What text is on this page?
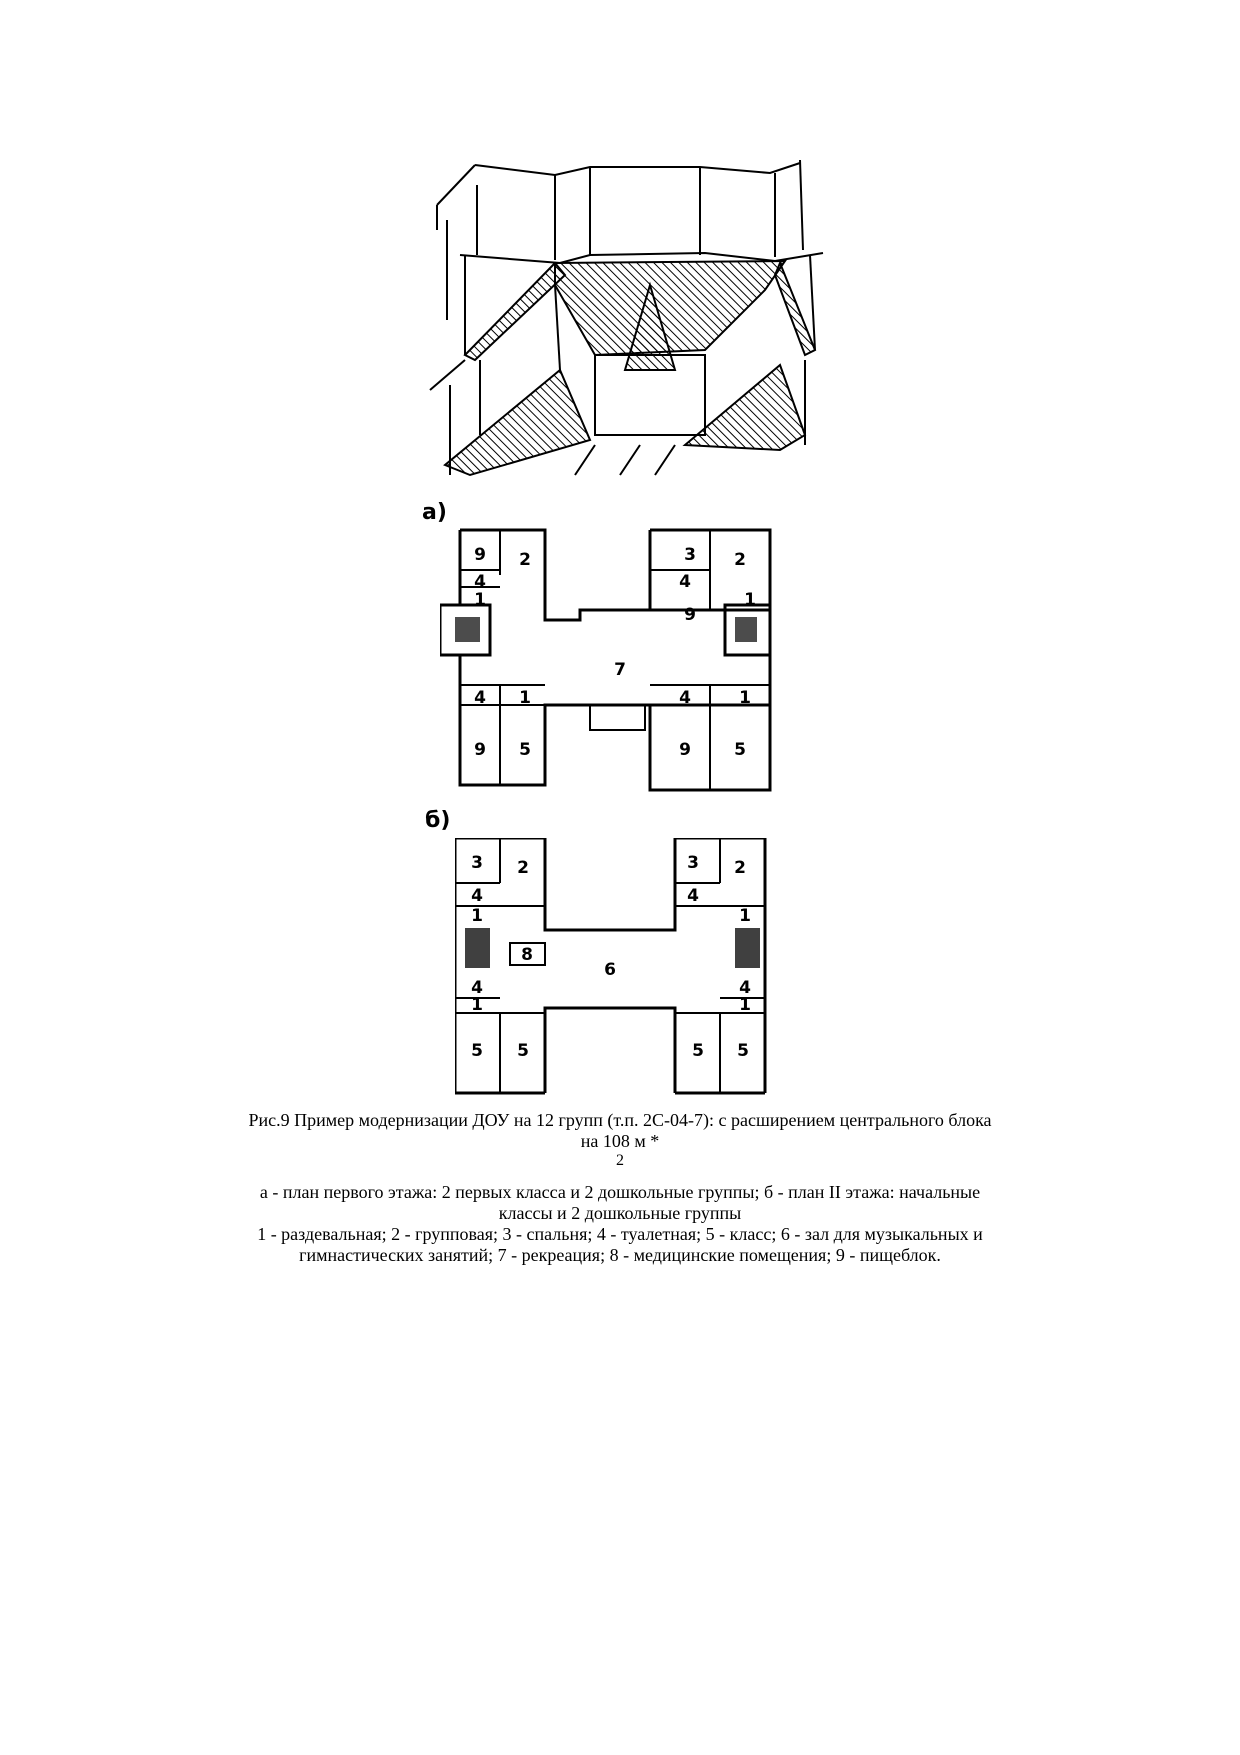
а)
9 2
4
1
3 2
4
9
1
7
4 1
9 5
4	1
9	5
б)
3 2
4
1
8
3 2
4
1
6
4
1
5 5
4
1
5 5

Рис.9 Пример модернизации ДОУ на 12 групп (т.п. 2С-04-7): с расширением центрального блока

на 108 м *

2

а - план первого этажа: 2 первых класса и 2 дошкольные группы; б - план II этажа: начальные

классы и 2 дошкольные группы

1 - раздевальная; 2 - групповая; 3 - спальня; 4 - туалетная; 5 - класс; 6 - зал для музыкальных и

гимнастических занятий; 7 - рекреация; 8 - медицинские помещения; 9 - пищеблок.
